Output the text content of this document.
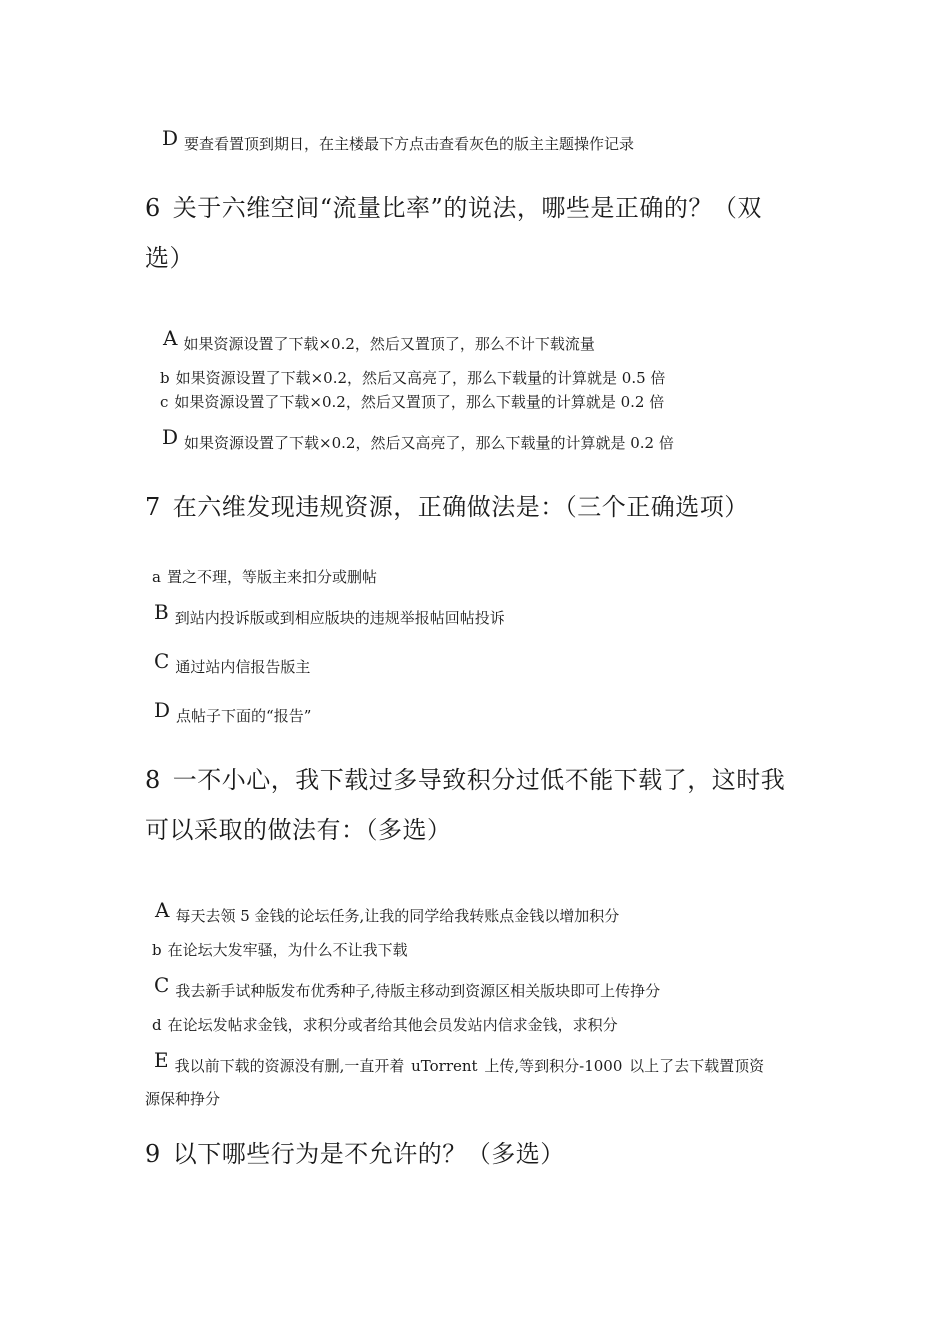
D 要查看置顶到期日，在主楼最下方点击查看灰色的版主主题操作记录
6 关于六维空间“流量比率”的说法，哪些是正确的？（双
选）
A 如果资源设置了下载×0.2，然后又置顶了，那么不计下载流量
b 如果资源设置了下载×0.2，然后又高亮了，那么下载量的计算就是 0.5 倍
c 如果资源设置了下载×0.2，然后又置顶了，那么下载量的计算就是 0.2 倍
D 如果资源设置了下载×0.2，然后又高亮了，那么下载量的计算就是 0.2 倍
7 在六维发现违规资源，正确做法是：（三个正确选项）
a 置之不理，等版主来扣分或删帖
B 到站内投诉版或到相应版块的违规举报帖回帖投诉
C 通过站内信报告版主
D 点帖子下面的“报告”
8 一不小心，我下载过多导致积分过低不能下载了，这时我
可以采取的做法有：（多选）
A 每天去领 5 金钱的论坛任务,让我的同学给我转账点金钱以增加积分
b 在论坛大发牢骚，为什么不让我下载
C 我去新手试种版发布优秀种子,待版主移动到资源区相关版块即可上传挣分
d 在论坛发帖求金钱，求积分或者给其他会员发站内信求金钱，求积分
E 我以前下载的资源没有删,一直开着 uTorrent 上传,等到积分-1000 以上了去下载置顶资
源保种挣分
9 以下哪些行为是不允许的？（多选）
